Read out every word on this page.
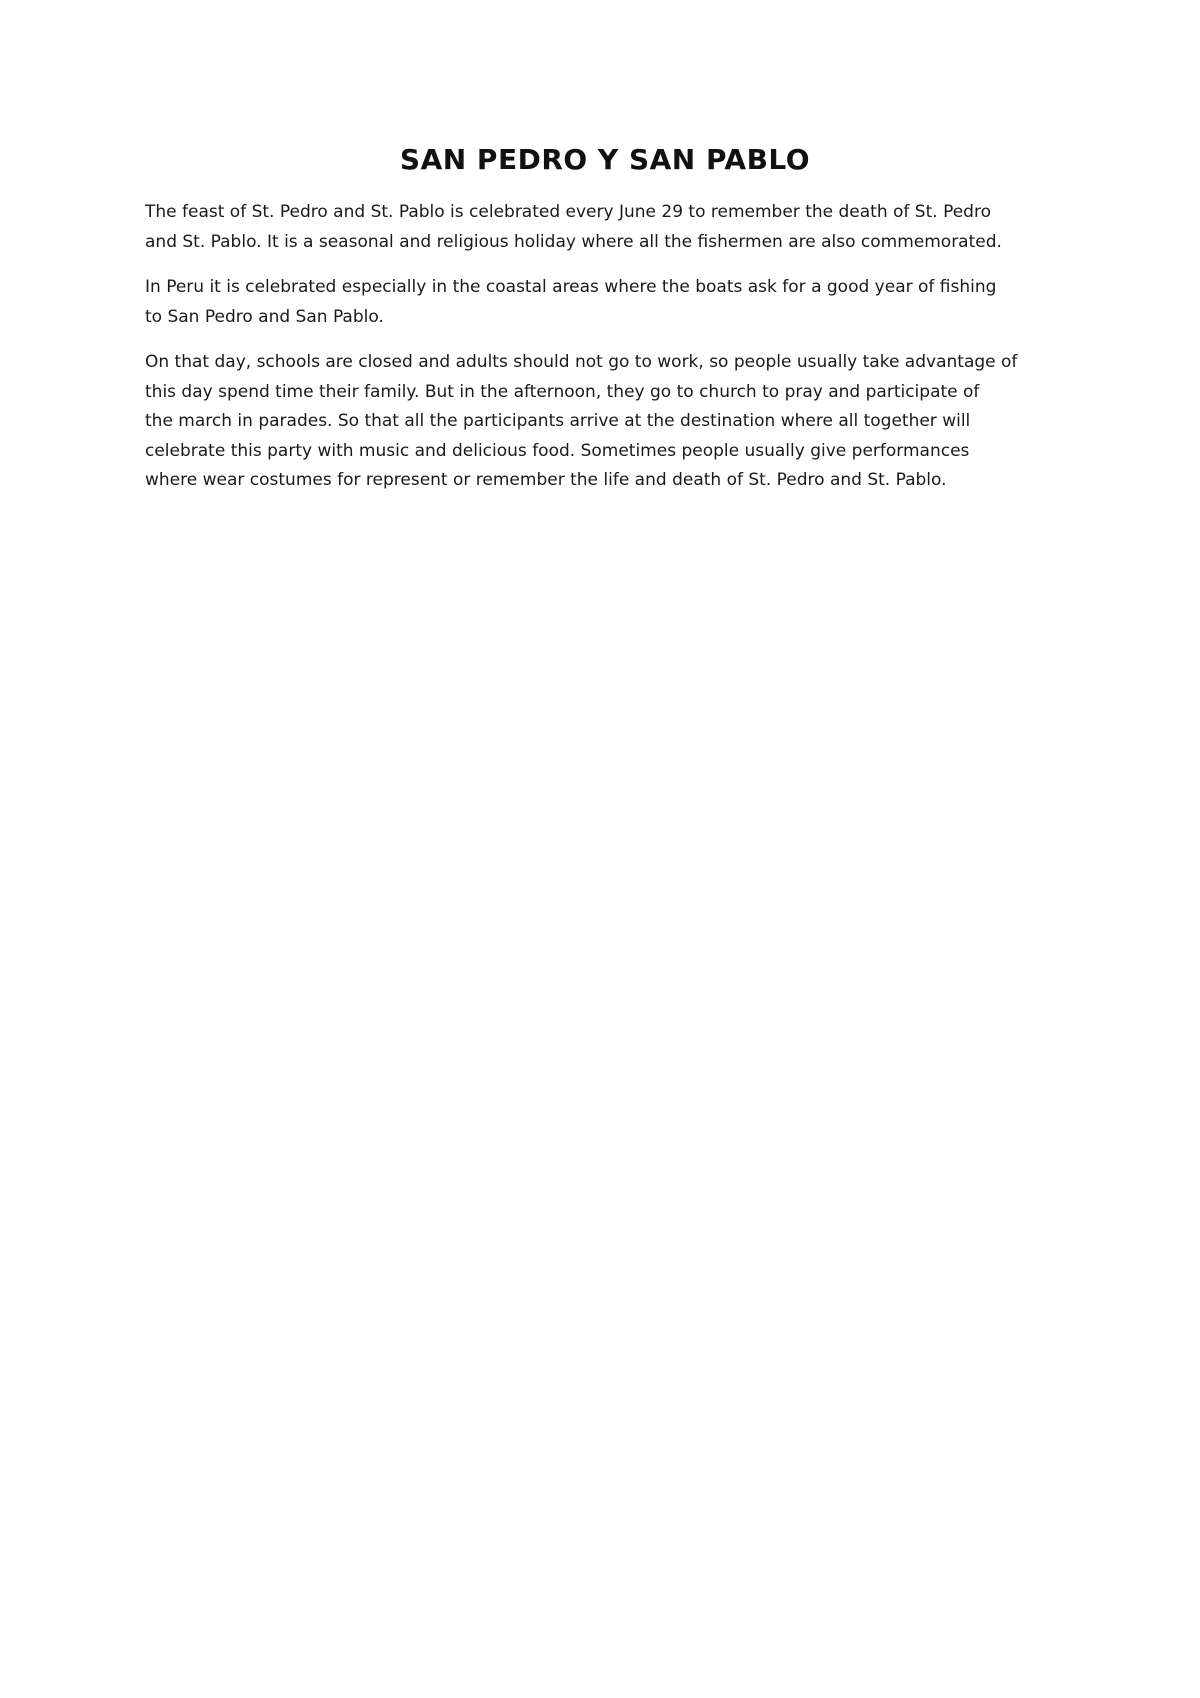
SAN PEDRO Y SAN PABLO

The feast of St. Pedro and St. Pablo is celebrated every June 29 to remember the death of St. Pedro
and St. Pablo. It is a seasonal and religious holiday where all the fishermen are also commemorated.

In Peru it is celebrated especially in the coastal areas where the boats ask for a good year of fishing
to San Pedro and San Pablo.

On that day, schools are closed and adults should not go to work, so people usually take advantage of
this day spend time their family. But in the afternoon, they go to church to pray and participate of
the march in parades. So that all the participants arrive at the destination where all together will
celebrate this party with music and delicious food. Sometimes people usually give performances
where wear costumes for represent or remember the life and death of St. Pedro and St. Pablo.
